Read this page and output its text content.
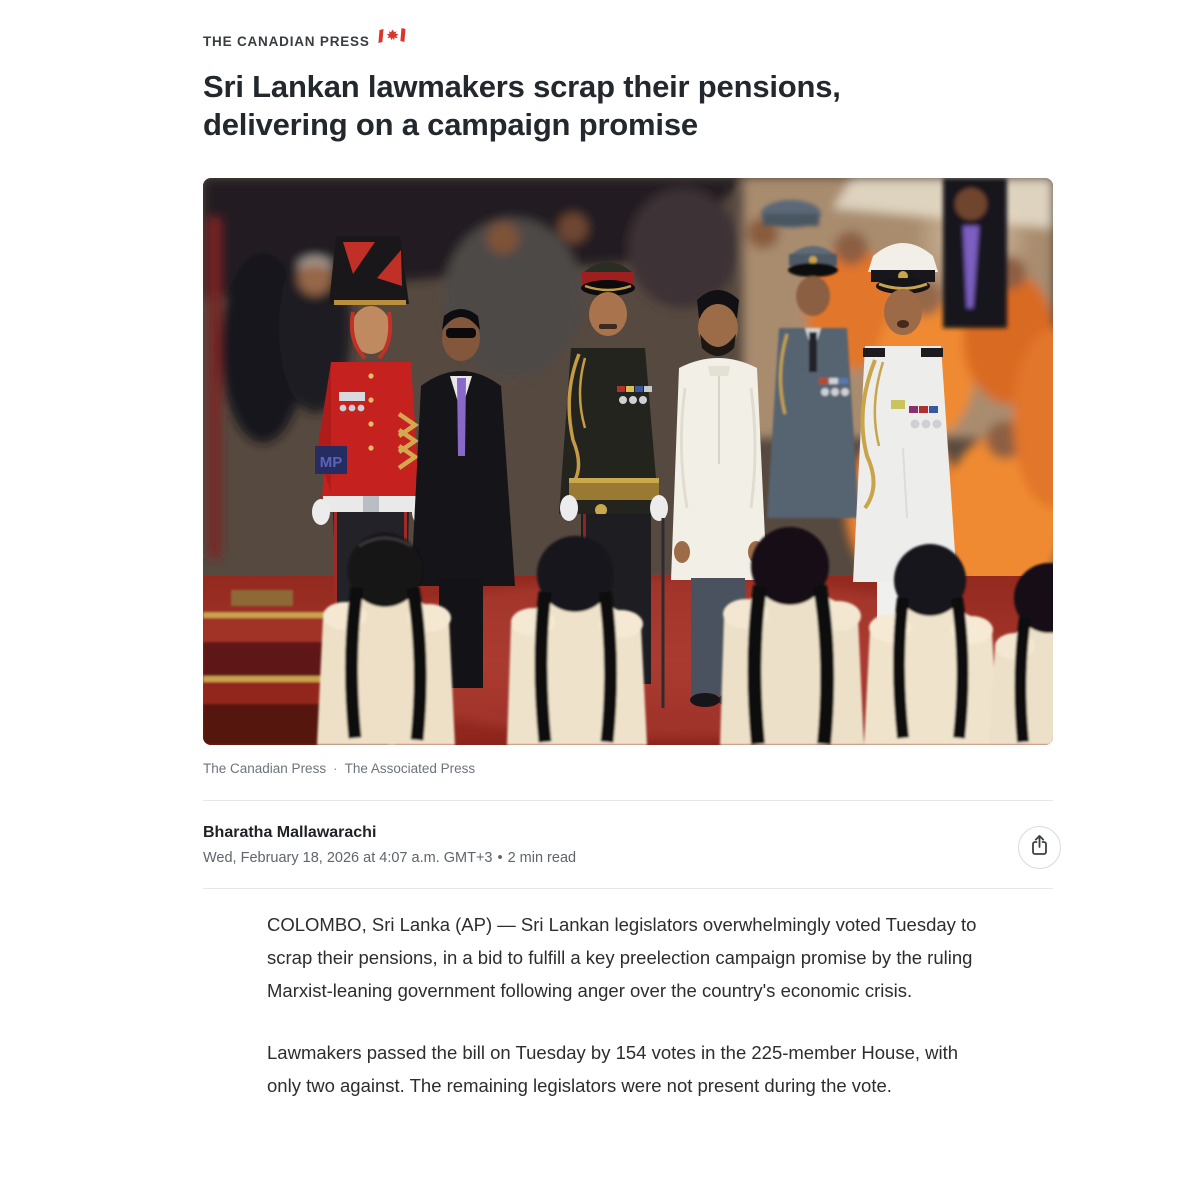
THE CANADIAN PRESS
Sri Lankan lawmakers scrap their pensions, delivering on a campaign promise
MP
The Canadian Press · The Associated Press
Bharatha Mallawarachi
Wed, February 18, 2026 at 4:07 a.m. GMT+3 • 2 min read

COLOMBO, Sri Lanka (AP) — Sri Lankan legislators overwhelmingly voted Tuesday to scrap their pensions, in a bid to fulfill a key preelection campaign promise by the ruling Marxist-leaning government following anger over the country's economic crisis.

Lawmakers passed the bill on Tuesday by 154 votes in the 225-member House, with only two against. The remaining legislators were not present during the vote.
